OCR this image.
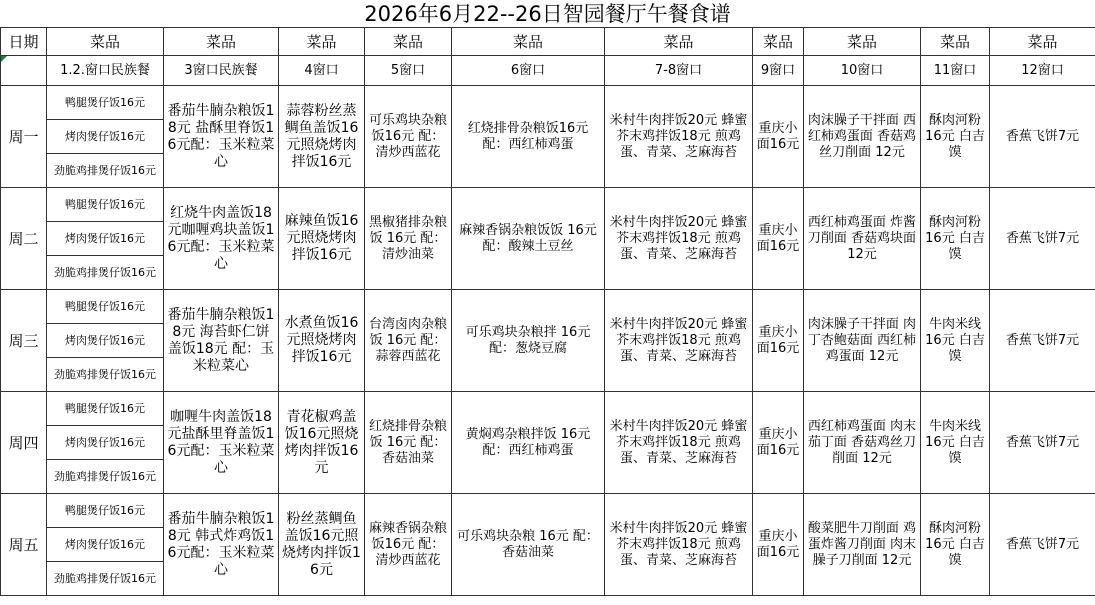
2026年6月22--26日智园餐厅午餐食谱
日期	菜品	菜品	菜品	菜品	菜品	菜品	菜品	菜品	菜品	菜品

	1.2.窗口民族餐	3窗口民族餐	4窗口	5窗口	6窗口	7-8窗口	9窗口	10窗口	11窗口	12窗口
周一	鸭腿煲仔饭16元	番茄牛腩杂粮饭18元 盐酥里脊饭16元配：玉米粒菜心	蒜蓉粉丝蒸鲷鱼盖饭16元照烧烤肉拌饭16元	可乐鸡块杂粮饭16元 配：清炒西蓝花	红烧排骨杂粮饭16元 配：西红柿鸡蛋	米村牛肉拌饭20元 蜂蜜芥末鸡拌饭18元 煎鸡蛋、青菜、芝麻海苔	重庆小面16元	肉沫臊子干拌面 西红柿鸡蛋面 香菇鸡丝刀削面 12元	酥肉河粉 16元 白吉馍	香蕉飞饼7元
	烤肉煲仔饭16元									
	劲脆鸡排煲仔饭16元									
周二	鸭腿煲仔饭16元	红烧牛肉盖饭18元咖喱鸡块盖饭16元配：玉米粒菜心	麻辣鱼饭16元照烧烤肉拌饭16元	黑椒猪排杂粮饭 16元 配：清炒油菜	麻辣香锅杂粮饭饭 16元 配：酸辣土豆丝	米村牛肉拌饭20元 蜂蜜芥末鸡拌饭18元 煎鸡蛋、青菜、芝麻海苔	重庆小面16元	西红柿鸡蛋面 炸酱刀削面 香菇鸡块面 12元	酥肉河粉 16元 白吉馍	香蕉飞饼7元
	烤肉煲仔饭16元									
	劲脆鸡排煲仔饭16元									
周三	鸭腿煲仔饭16元	番茄牛腩杂粮饭18元 海苔虾仁饼盖饭18元 配：玉米粒菜心	水煮鱼饭16元照烧烤肉拌饭16元	台湾卤肉杂粮饭 16元 配：蒜蓉西蓝花	可乐鸡块杂粮拌 16元 配：葱烧豆腐	米村牛肉拌饭20元 蜂蜜芥末鸡拌饭18元 煎鸡蛋、青菜、芝麻海苔	重庆小面16元	肉沫臊子干拌面 肉丁杏鲍菇面 西红柿鸡蛋面 12元	牛肉米线 16元 白吉馍	香蕉飞饼7元
	烤肉煲仔饭16元									
	劲脆鸡排煲仔饭16元									
周四	鸭腿煲仔饭16元	咖喱牛肉盖饭18元盐酥里脊盖饭16元配：玉米粒菜心	青花椒鸡盖饭16元照烧烤肉拌饭16元	红烧排骨杂粮饭 16元 配：香菇油菜	黄焖鸡杂粮拌饭 16元 配：西红柿鸡蛋	米村牛肉拌饭20元 蜂蜜芥末鸡拌饭18元 煎鸡蛋、青菜、芝麻海苔	重庆小面16元	西红柿鸡蛋面 肉末茄丁面 香菇鸡丝刀削面 12元	牛肉米线 16元 白吉馍	香蕉飞饼7元
	烤肉煲仔饭16元									
	劲脆鸡排煲仔饭16元									
周五	鸭腿煲仔饭16元	番茄牛腩杂粮饭18元 韩式炸鸡饭16元配：玉米粒菜心	粉丝蒸鲷鱼盖饭16元照烧烤肉拌饭16元	麻辣香锅杂粮饭16元 配：清炒西蓝花	可乐鸡块杂粮 16元 配：香菇油菜	米村牛肉拌饭20元 蜂蜜芥末鸡拌饭18元 煎鸡蛋、青菜、芝麻海苔	重庆小面16元	酸菜肥牛刀削面 鸡蛋炸酱刀削面 肉末臊子刀削面 12元	酥肉河粉 16元 白吉馍	香蕉飞饼7元
	烤肉煲仔饭16元									
	劲脆鸡排煲仔饭16元									
